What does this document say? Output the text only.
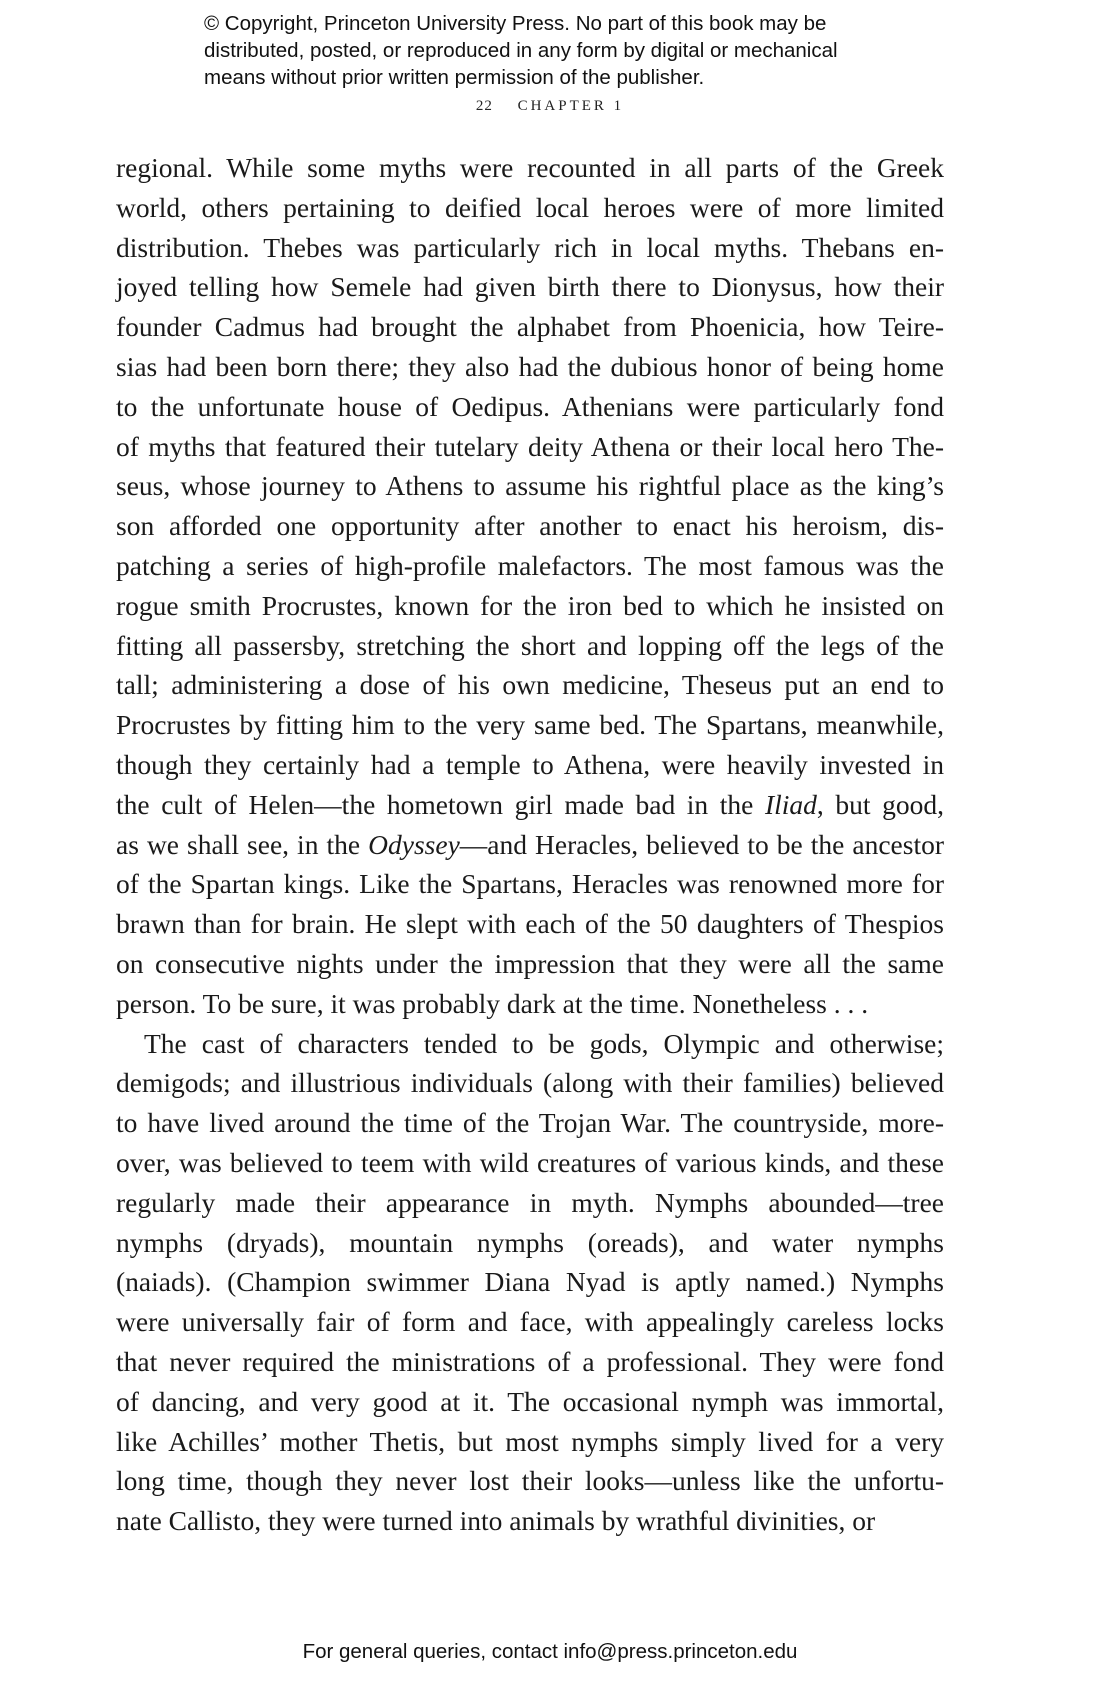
© Copyright, Princeton University Press. No part of this book may be
distributed, posted, or reproduced in any form by digital or mechanical
means without prior written permission of the publisher.
22 CHAPTER 1
regional. While some myths were recounted in all parts of the Greek
world, others pertaining to deified local heroes were of more limited
distribution. Thebes was particularly rich in local myths. Thebans en-
joyed telling how Semele had given birth there to Dionysus, how their
founder Cadmus had brought the alphabet from Phoenicia, how Teire-
sias had been born there; they also had the dubious honor of being home
to the unfortunate house of Oedipus. Athenians were particularly fond
of myths that featured their tutelary deity Athena or their local hero The-
seus, whose journey to Athens to assume his rightful place as the king’s
son afforded one opportunity after another to enact his heroism, dis-
patching a series of high-profile malefactors. The most famous was the
rogue smith Procrustes, known for the iron bed to which he insisted on
fitting all passersby, stretching the short and lopping off the legs of the
tall; administering a dose of his own medicine, Theseus put an end to
Procrustes by fitting him to the very same bed. The Spartans, meanwhile,
though they certainly had a temple to Athena, were heavily invested in
the cult of Helen—the hometown girl made bad in the Iliad, but good,
as we shall see, in the Odyssey—and Heracles, believed to be the ancestor
of the Spartan kings. Like the Spartans, Heracles was renowned more for
brawn than for brain. He slept with each of the 50 daughters of Thespios
on consecutive nights under the impression that they were all the same
person. To be sure, it was probably dark at the time. Nonetheless . . .
The cast of characters tended to be gods, Olympic and otherwise;
demigods; and illustrious individuals (along with their families) believed
to have lived around the time of the Trojan War. The countryside, more-
over, was believed to teem with wild creatures of various kinds, and these
regularly made their appearance in myth. Nymphs abounded—tree
nymphs (dryads), mountain nymphs (oreads), and water nymphs
(naiads). (Champion swimmer Diana Nyad is aptly named.) Nymphs
were universally fair of form and face, with appealingly careless locks
that never required the ministrations of a professional. They were fond
of dancing, and very good at it. The occasional nymph was immortal,
like Achilles’ mother Thetis, but most nymphs simply lived for a very
long time, though they never lost their looks—unless like the unfortu-
nate Callisto, they were turned into animals by wrathful divinities, or
For general queries, contact info@press.princeton.edu
